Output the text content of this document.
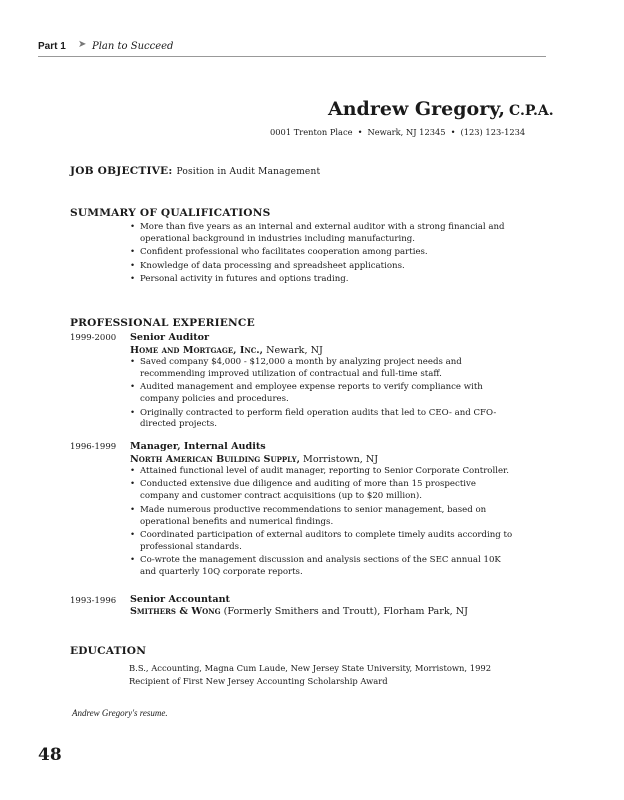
Part 1 ➤ Plan to Succeed
Andrew Gregory, C.P.A.
0001 Trenton Place • Newark, NJ 12345 • (123) 123-1234
JOB OBJECTIVE: Position in Audit Management
SUMMARY OF QUALIFICATIONS
• More than five years as an internal and external auditor with a strong financial and operational background in industries including manufacturing.
• Confident professional who facilitates cooperation among parties.
• Knowledge of data processing and spreadsheet applications.
• Personal activity in futures and options trading.
PROFESSIONAL EXPERIENCE
1999-2000 Senior Auditor
Home and Mortgage, Inc., Newark, NJ
• Saved company $4,000 - $12,000 a month by analyzing project needs and recommending improved utilization of contractual and full-time staff.
• Audited management and employee expense reports to verify compliance with company policies and procedures.
• Originally contracted to perform field operation audits that led to CEO- and CFO-directed projects.
1996-1999 Manager, Internal Audits
North American Building Supply, Morristown, NJ
• Attained functional level of audit manager, reporting to Senior Corporate Controller.
• Conducted extensive due diligence and auditing of more than 15 prospective company and customer contract acquisitions (up to $20 million).
• Made numerous productive recommendations to senior management, based on operational benefits and numerical findings.
• Coordinated participation of external auditors to complete timely audits according to professional standards.
• Co-wrote the management discussion and analysis sections of the SEC annual 10K and quarterly 10Q corporate reports.
1993-1996 Senior Accountant
Smithers & Wong (Formerly Smithers and Troutt), Florham Park, NJ
EDUCATION
B.S., Accounting, Magna Cum Laude, New Jersey State University, Morristown, 1992
Recipient of First New Jersey Accounting Scholarship Award
Andrew Gregory's resume.
48
